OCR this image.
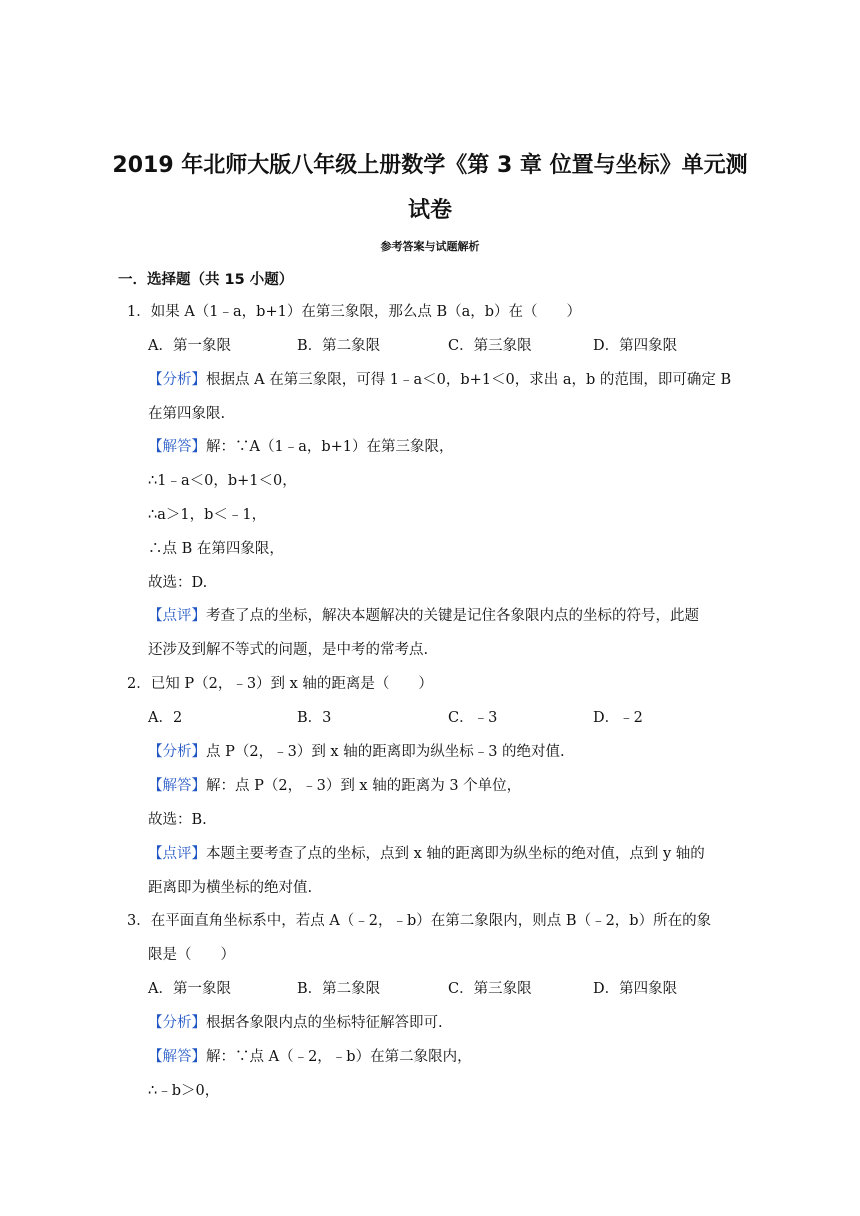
2019 年北师大版八年级上册数学《第 3 章 位置与坐标》单元测
试卷
参考答案与试题解析
一．选择题（共 15 小题）
1．如果 A（1﹣a，b+1）在第三象限，那么点 B（a，b）在（　　）
A．第一象限	B．第二象限	C．第三象限	D．第四象限
【分析】根据点 A 在第三象限，可得 1﹣a＜0，b+1＜0，求出 a，b 的范围，即可确定 B
在第四象限.
【解答】解：∵A（1﹣a，b+1）在第三象限，
∴1﹣a＜0，b+1＜0，
∴a＞1，b＜﹣1，
∴点 B 在第四象限，
故选：D.
【点评】考查了点的坐标，解决本题解决的关键是记住各象限内点的坐标的符号，此题
还涉及到解不等式的问题，是中考的常考点.
2．已知 P（2，﹣3）到 x 轴的距离是（　　）
A．2	B．3	C．﹣3	D．﹣2
【分析】点 P（2，﹣3）到 x 轴的距离即为纵坐标﹣3 的绝对值.
【解答】解：点 P（2，﹣3）到 x 轴的距离为 3 个单位，
故选：B.
【点评】本题主要考查了点的坐标，点到 x 轴的距离即为纵坐标的绝对值，点到 y 轴的
距离即为横坐标的绝对值.
3．在平面直角坐标系中，若点 A（﹣2，﹣b）在第二象限内，则点 B（﹣2，b）所在的象
限是（　　）
A．第一象限	B．第二象限	C．第三象限	D．第四象限
【分析】根据各象限内点的坐标特征解答即可.
【解答】解：∵点 A（﹣2，﹣b）在第二象限内，
∴﹣b＞0，
